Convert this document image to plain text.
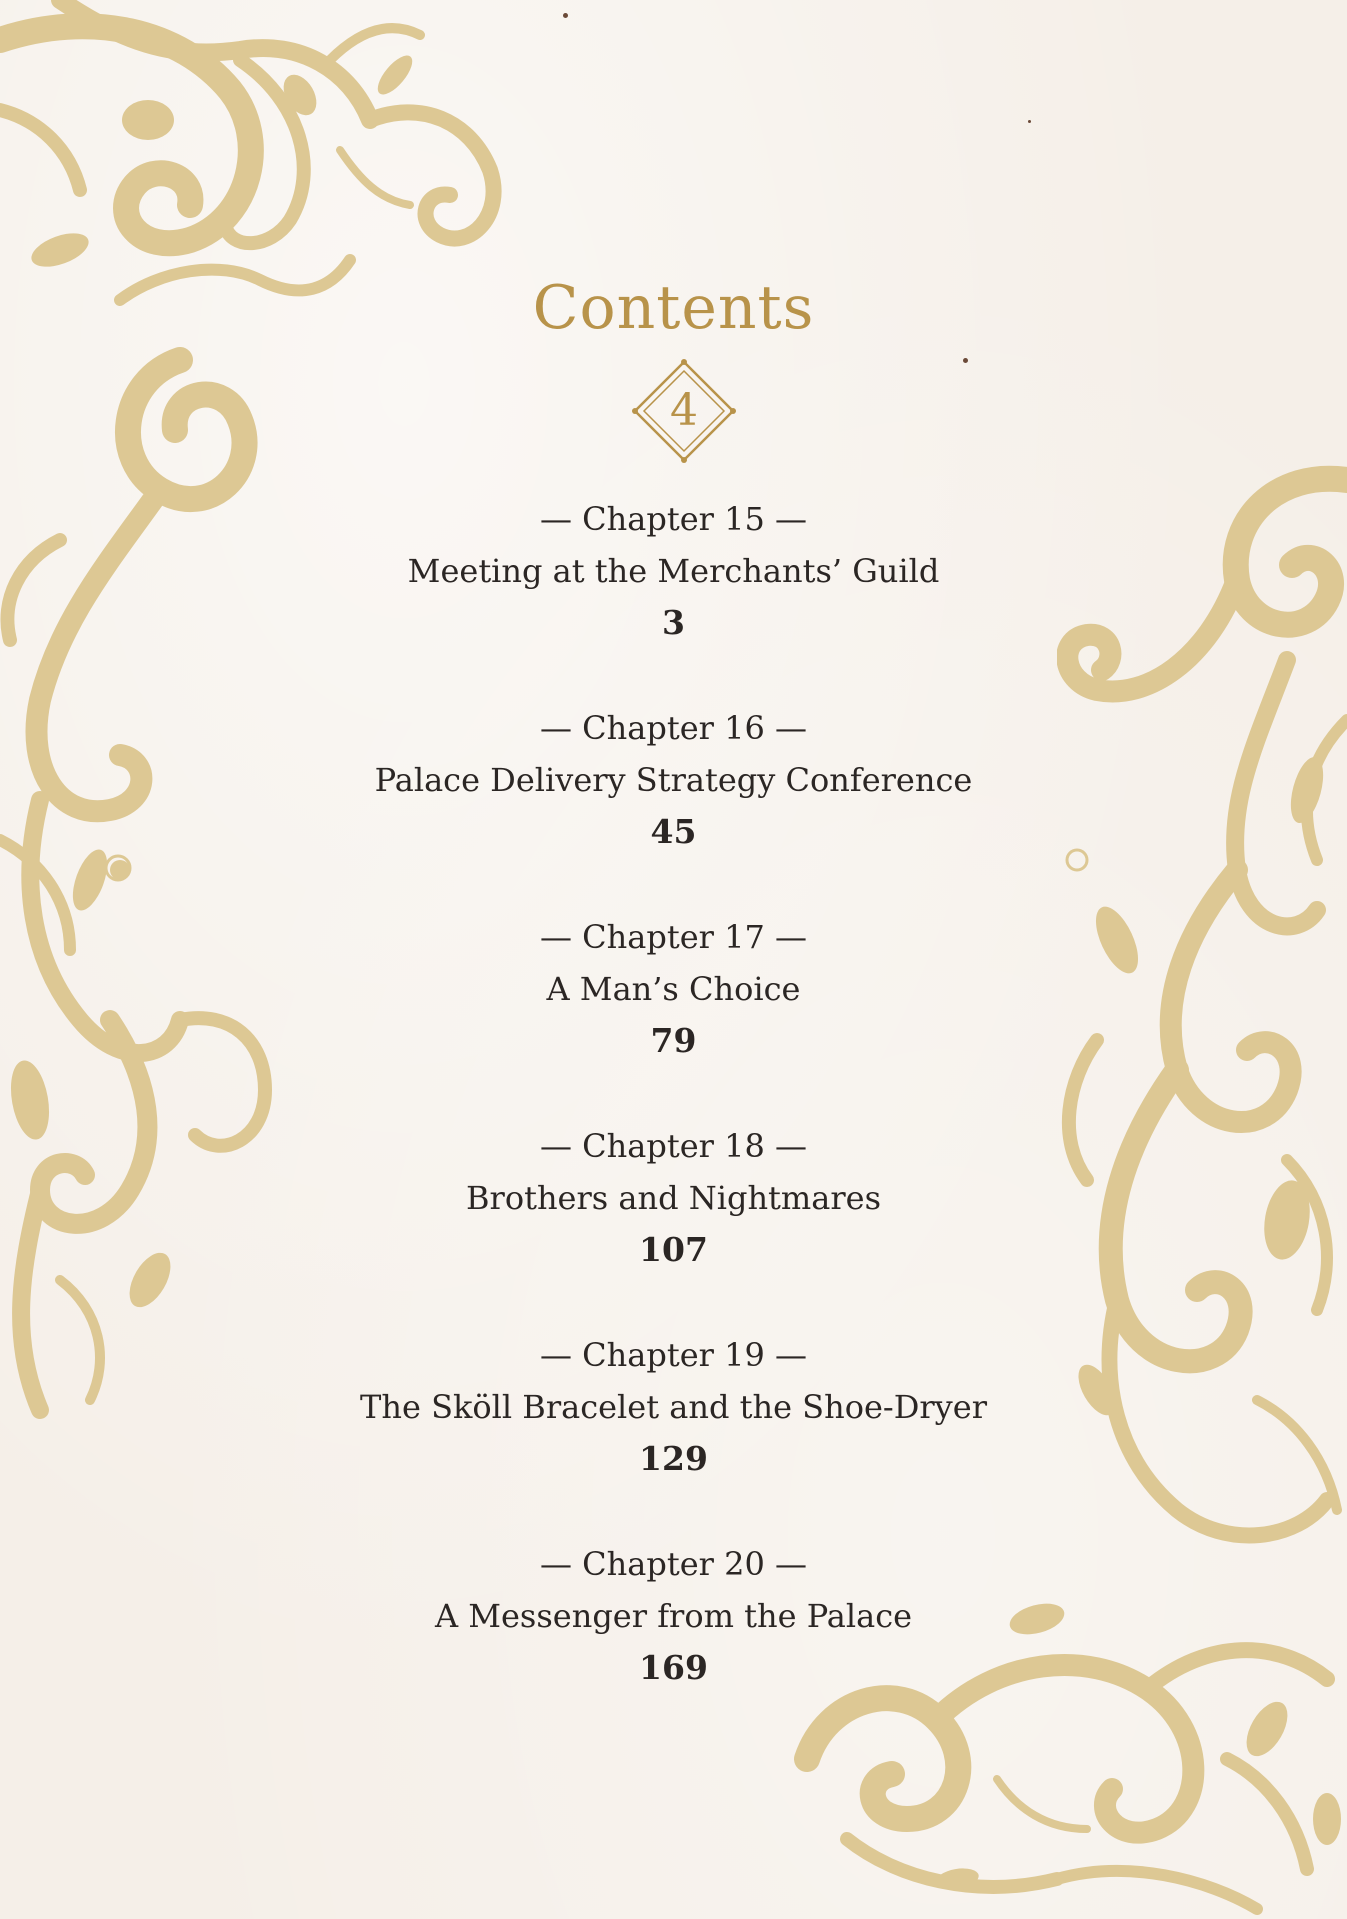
Contents
4
— Chapter 15 —
Meeting at the Merchants’ Guild
3
— Chapter 16 —
Palace Delivery Strategy Conference
45
— Chapter 17 —
A Man’s Choice
79
— Chapter 18 —
Brothers and Nightmares
107
— Chapter 19 —
The Sköll Bracelet and the Shoe-Dryer
129
— Chapter 20 —
A Messenger from the Palace
169
